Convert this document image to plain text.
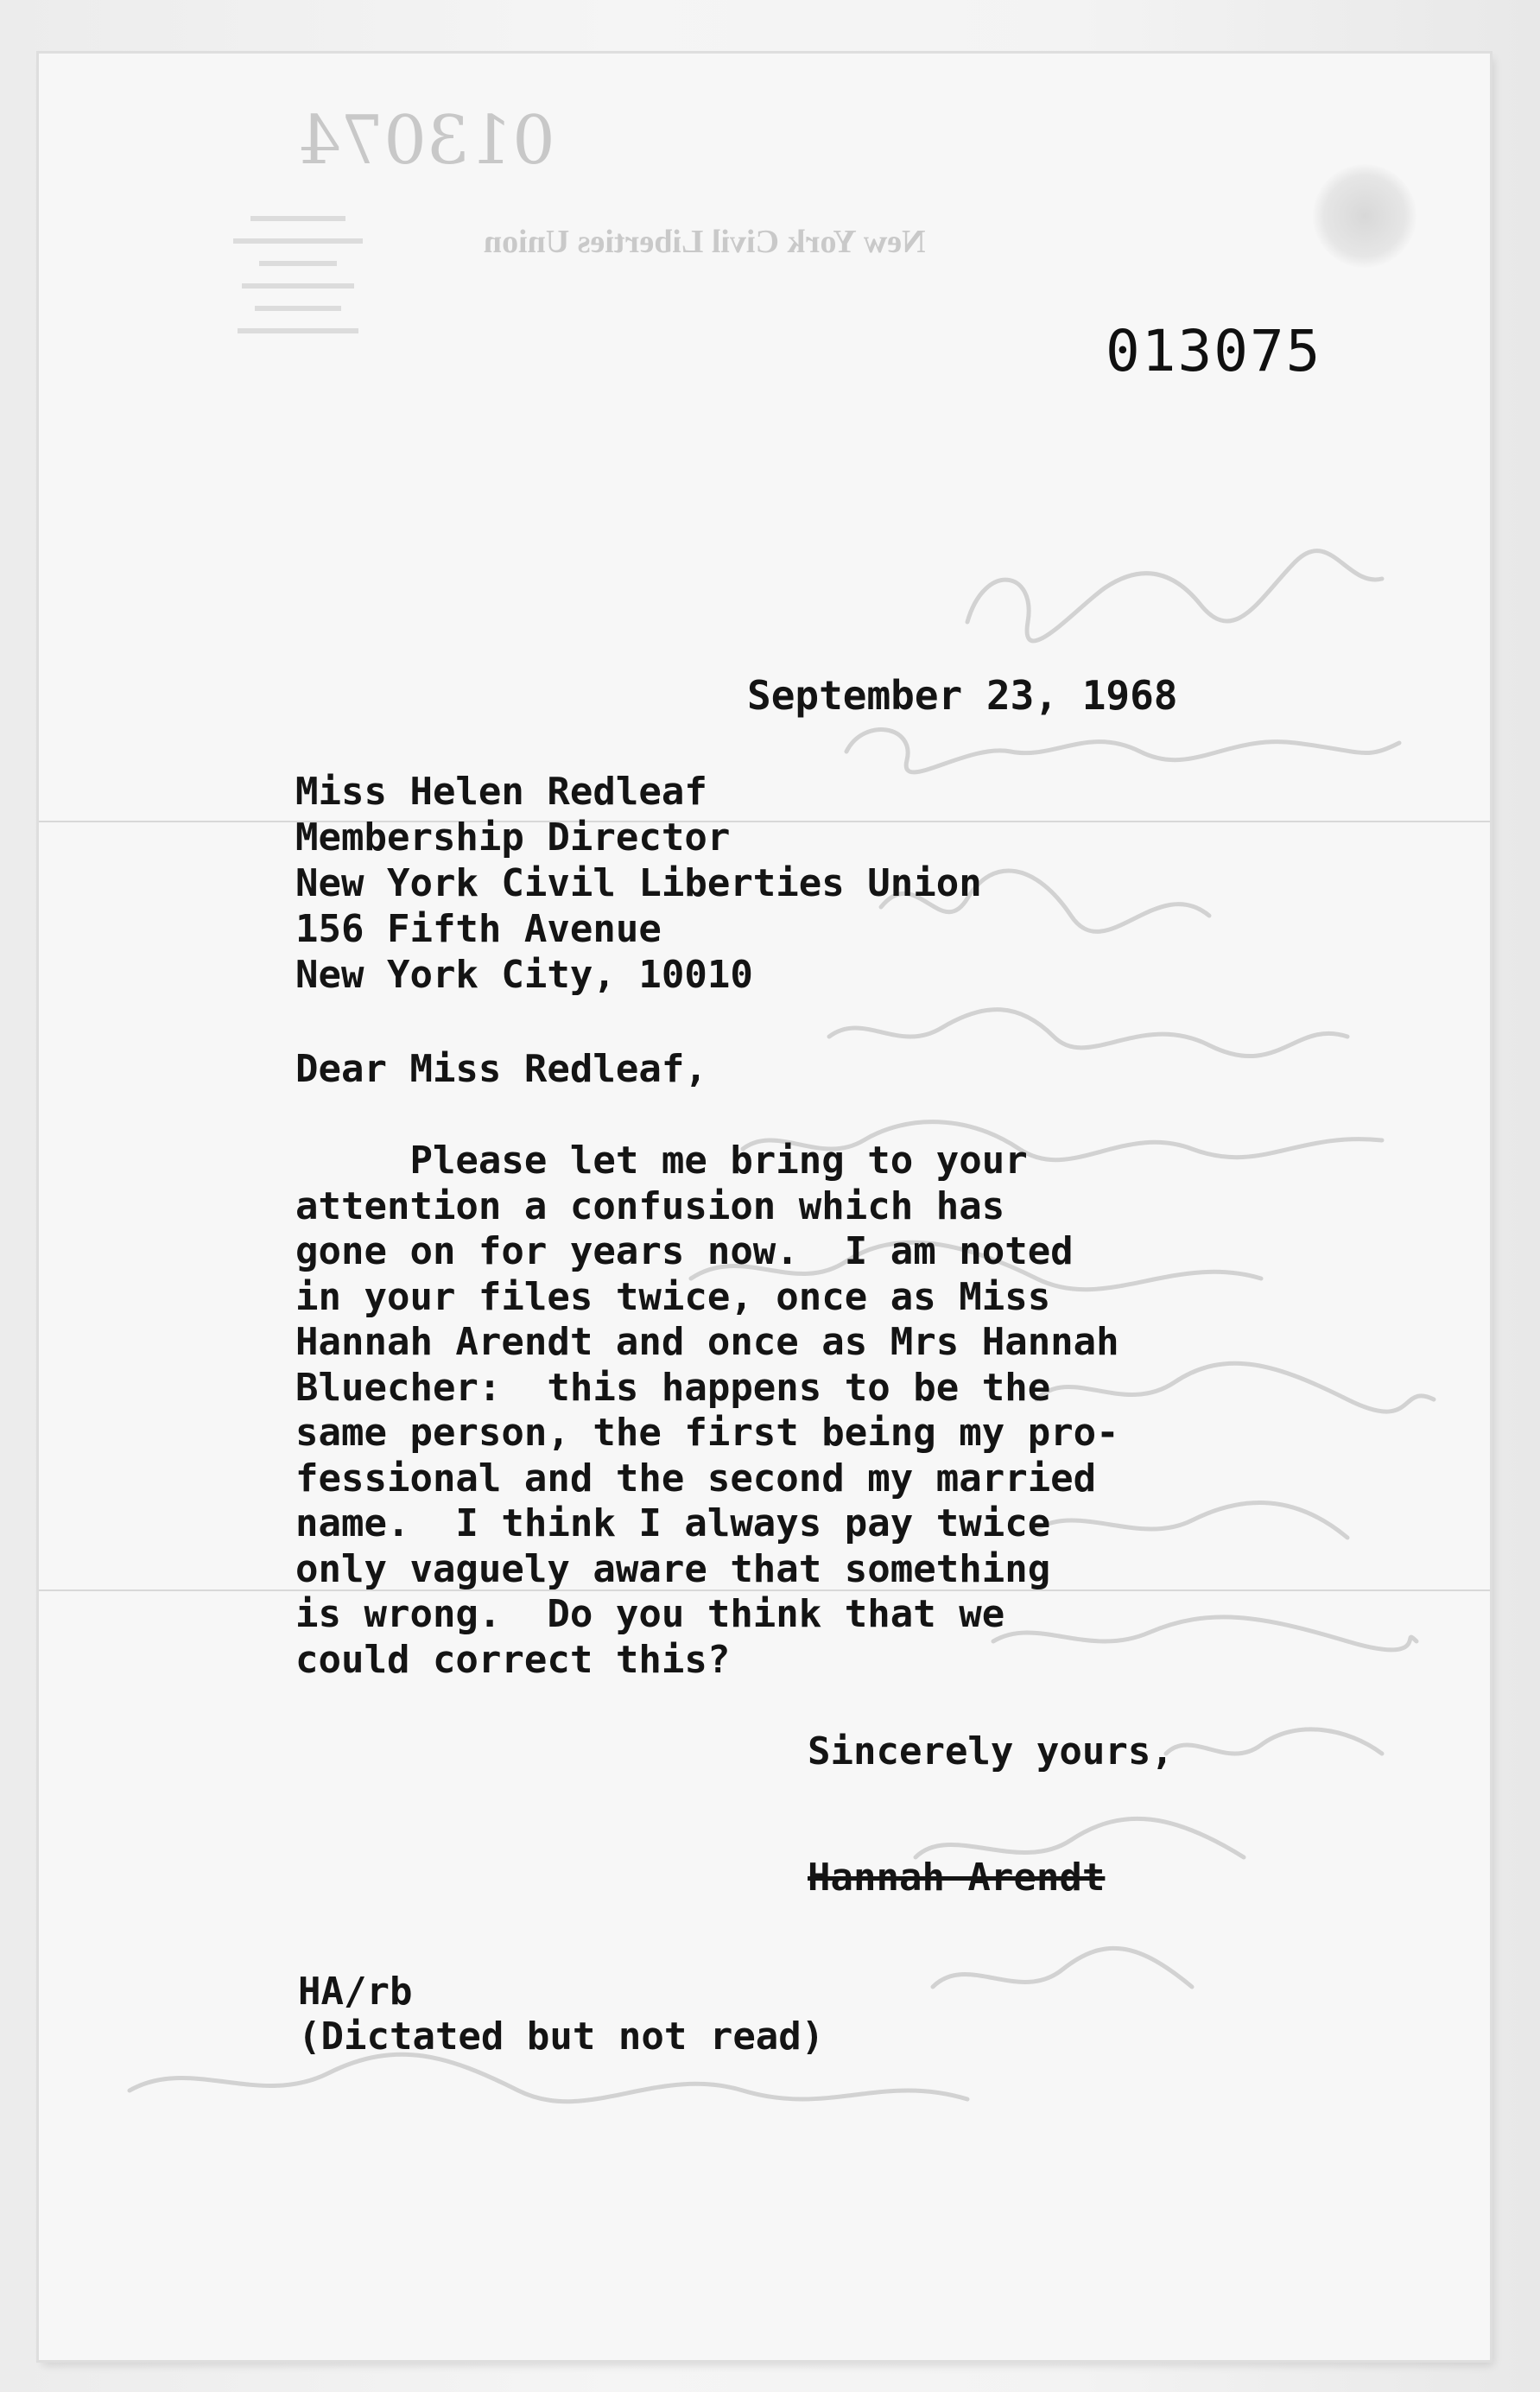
013074
New York Civil Liberties Union
013075
September 23, 1968
Miss Helen Redleaf
Membership Director
New York Civil Liberties Union
156 Fifth Avenue
New York City, 10010
Dear Miss Redleaf,
Please let me bring to your
attention a confusion which has
gone on for years now.  I am noted
in your files twice, once as Miss
Hannah Arendt and once as Mrs Hannah
Bluecher:  this happens to be the
same person, the first being my pro-
fessional and the second my married
name.  I think I always pay twice
only vaguely aware that something
is wrong.  Do you think that we
could correct this?
Sincerely yours,
Hannah Arendt
HA/rb
(Dictated but not read)
